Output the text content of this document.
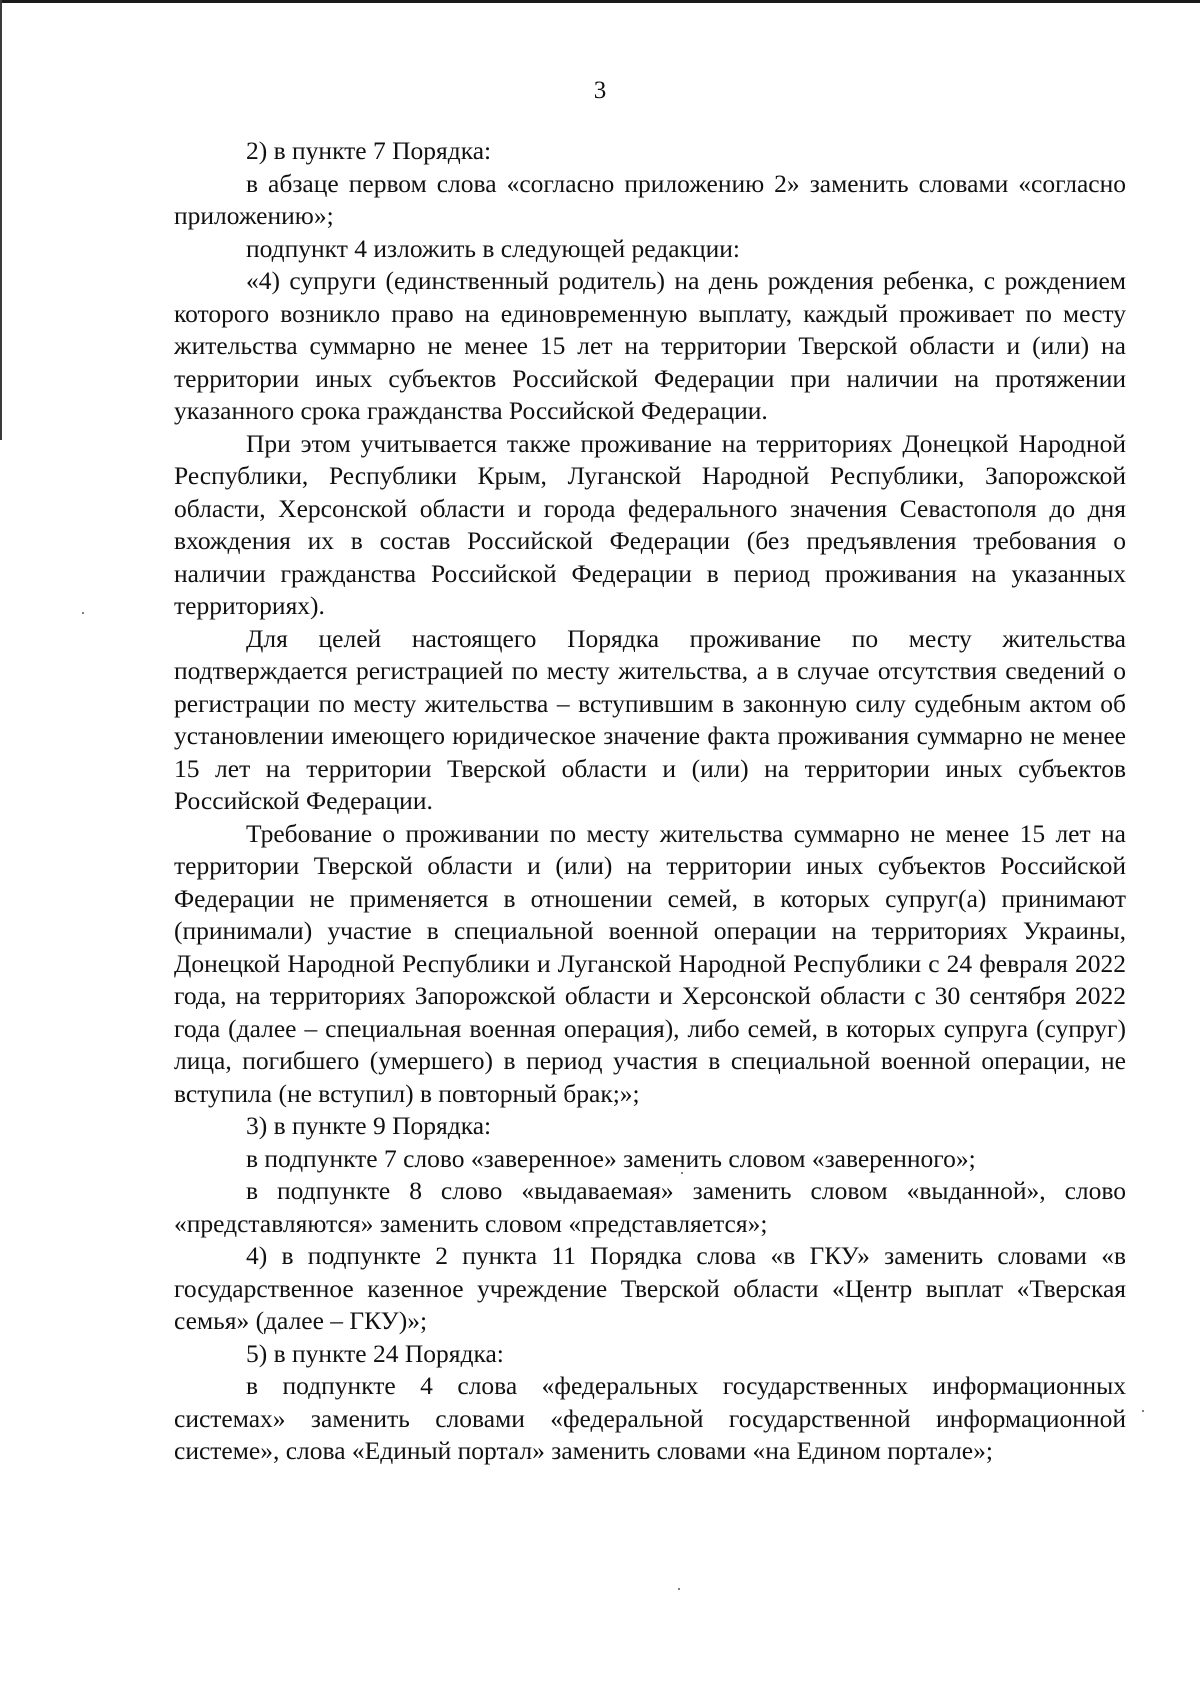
3

2) в пункте 7 Порядка:

в абзаце первом слова «согласно приложению 2» заменить словами «согласно приложению»;

подпункт 4 изложить в следующей редакции:

«4) супруги (единственный родитель) на день рождения ребенка, с рождением которого возникло право на единовременную выплату, каждый проживает по месту жительства суммарно не менее 15 лет на территории Тверской области и (или) на территории иных субъектов Российской Федерации при наличии на протяжении указанного срока гражданства Российской Федерации.

При этом учитывается также проживание на территориях Донецкой Народной Республики, Республики Крым, Луганской Народной Республики, Запорожской области, Херсонской области и города федерального значения Севастополя до дня вхождения их в состав Российской Федерации (без предъявления требования о наличии гражданства Российской Федерации в период проживания на указанных территориях).

Для целей настоящего Порядка проживание по месту жительства подтверждается регистрацией по месту жительства, а в случае отсутствия сведений о регистрации по месту жительства – вступившим в законную силу судебным актом об установлении имеющего юридическое значение факта проживания суммарно не менее 15 лет на территории Тверской области и (или) на территории иных субъектов Российской Федерации.

Требование о проживании по месту жительства суммарно не менее 15 лет на территории Тверской области и (или) на территории иных субъектов Российской Федерации не применяется в отношении семей, в которых супруг(а) принимают (принимали) участие в специальной военной операции на территориях Украины, Донецкой Народной Республики и Луганской Народной Республики с 24 февраля 2022 года, на территориях Запорожской области и Херсонской области с 30 сентября 2022 года (далее – специальная военная операция), либо семей, в которых супруга (супруг) лица, погибшего (умершего) в период участия в специальной военной операции, не вступила (не вступил) в повторный брак;»;

3) в пункте 9 Порядка:

в подпункте 7 слово «заверенное» заменить словом «заверенного»;

в подпункте 8 слово «выдаваемая» заменить словом «выданной», слово «представляются» заменить словом «представляется»;

4) в подпункте 2 пункта 11 Порядка слова «в ГКУ» заменить словами «в государственное казенное учреждение Тверской области «Центр выплат «Тверская семья» (далее – ГКУ)»;

5) в пункте 24 Порядка:

в подпункте 4 слова «федеральных государственных информационных системах» заменить словами «федеральной государственной информационной системе», слова «Единый портал» заменить словами «на Едином портале»;
